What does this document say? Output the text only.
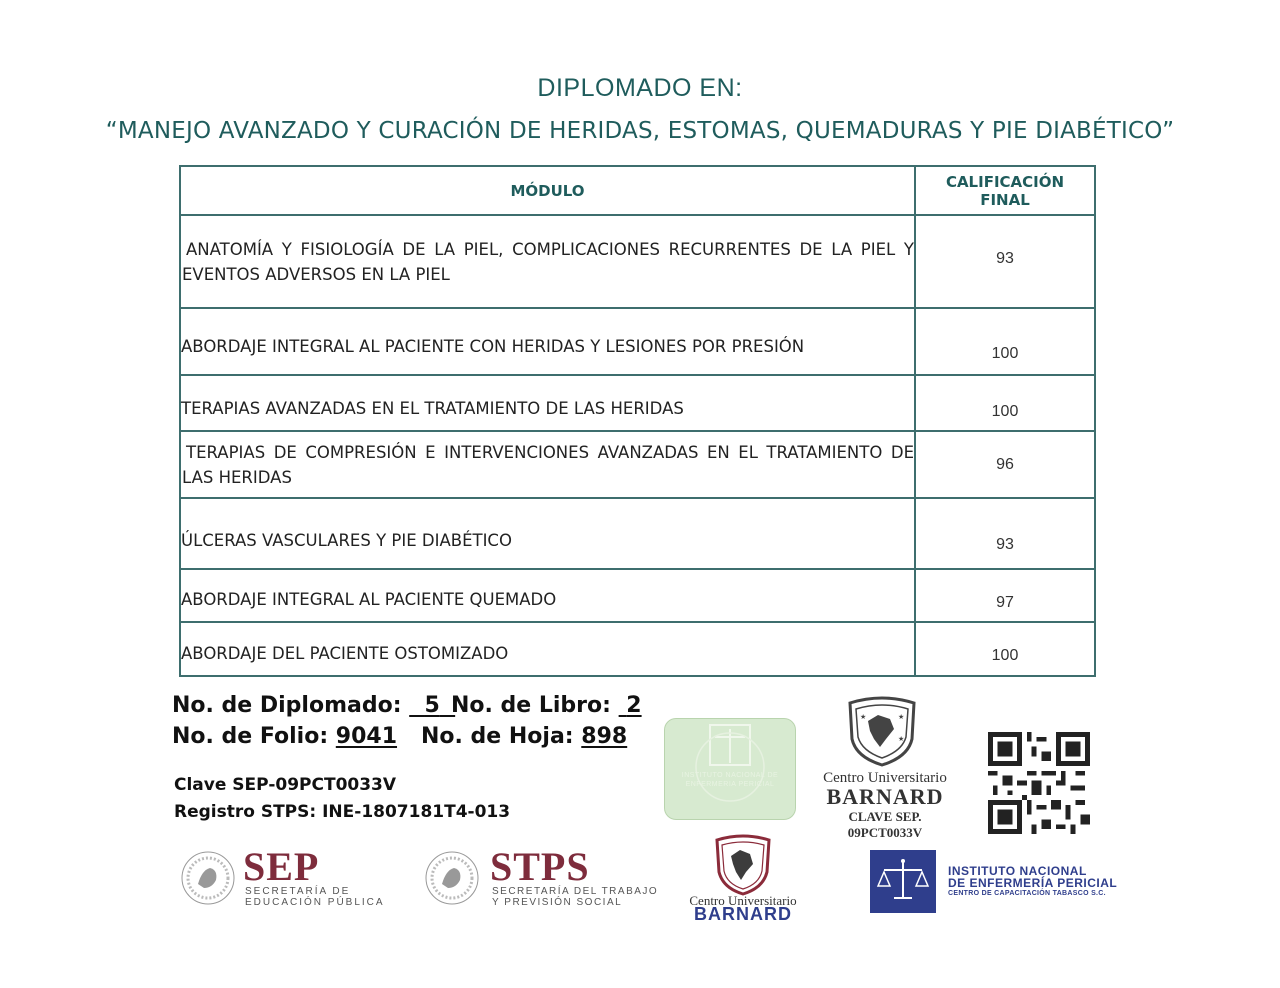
DIPLOMADO EN:
“MANEJO AVANZADO Y CURACIÓN DE HERIDAS, ESTOMAS, QUEMADURAS Y PIE DIABÉTICO”
MÓDULO	CALIFICACIÓN
FINAL
ANATOMÍA Y FISIOLOGÍA DE LA PIEL, COMPLICACIONES RECURRENTES DE LA PIEL Y EVENTOS ADVERSOS EN LA PIEL	93
ABORDAJE INTEGRAL AL PACIENTE CON HERIDAS Y LESIONES POR PRESIÓN	100
TERAPIAS AVANZADAS EN EL TRATAMIENTO DE LAS HERIDAS	100
TERAPIAS DE COMPRESIÓN E INTERVENCIONES AVANZADAS EN EL TRATAMIENTO DE LAS HERIDAS	96
ÚLCERAS VASCULARES Y PIE DIABÉTICO	93
ABORDAJE INTEGRAL AL PACIENTE QUEMADO	97
ABORDAJE DEL PACIENTE OSTOMIZADO	100
No. de Diplomado: 5 No. de Libro: 2
No. de Folio: 9041 No. de Hoja: 898
Clave SEP-09PCT0033V
Registro STPS: INE-1807181T4-013
INSTITUTO NACIONAL DE ENFERMERIA PERICIAL
★	★
★
Centro Universitario
BARNARD
CLAVE SEP. 09PCT0033V
SEP
SECRETARÍA DE
EDUCACIÓN PÚBLICA
STPS
SECRETARÍA DEL TRABAJO
Y PREVISIÓN SOCIAL	Centro Universitario
BARNARD
INSTITUTO NACIONAL
DE ENFERMERÍA PERICIAL
CENTRO DE CAPACITACIÓN TABASCO S.C.
